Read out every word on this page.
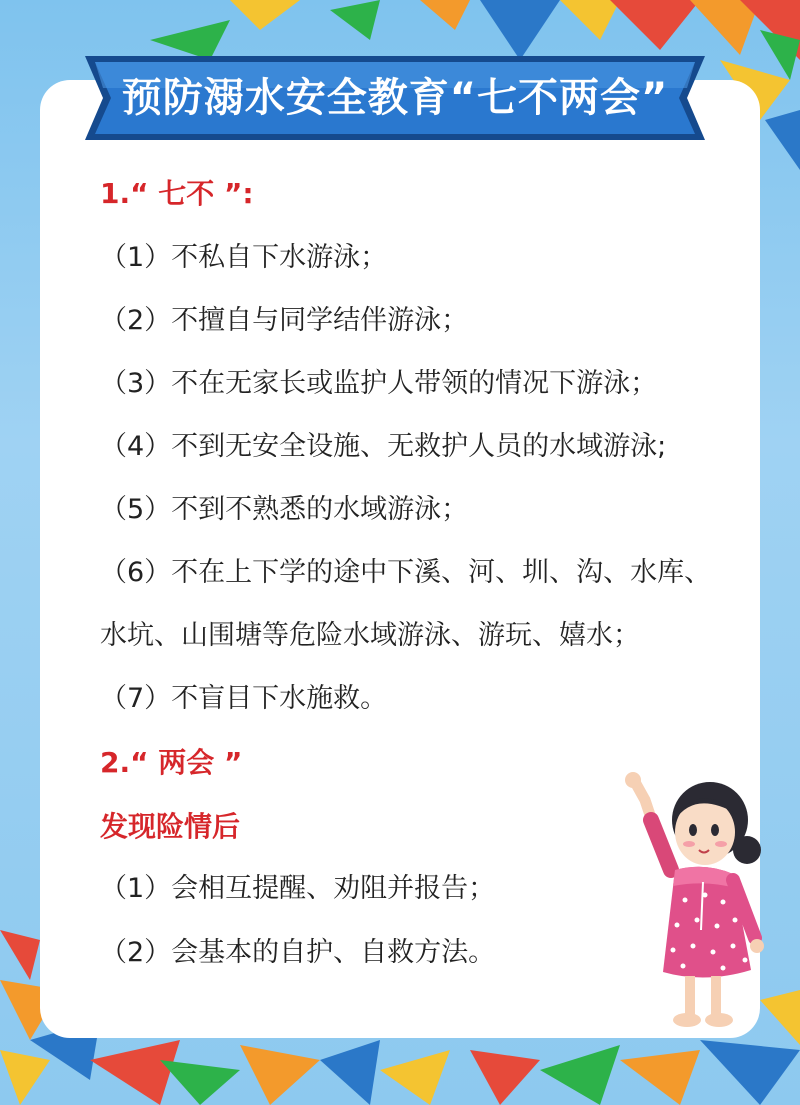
预防溺水安全教育“七不两会”
1.“ 七不 ”:
（1）不私自下水游泳；
（2）不擅自与同学结伴游泳；
（3）不在无家长或监护人带领的情况下游泳；
（4）不到无安全设施、无救护人员的水域游泳;
（5）不到不熟悉的水域游泳；
（6）不在上下学的途中下溪、河、圳、沟、水库、
水坑、山围塘等危险水域游泳、游玩、嬉水；
（7）不盲目下水施救。
2.“ 两会 ”
发现险情后
（1）会相互提醒、劝阻并报告；
（2）会基本的自护、自救方法。
